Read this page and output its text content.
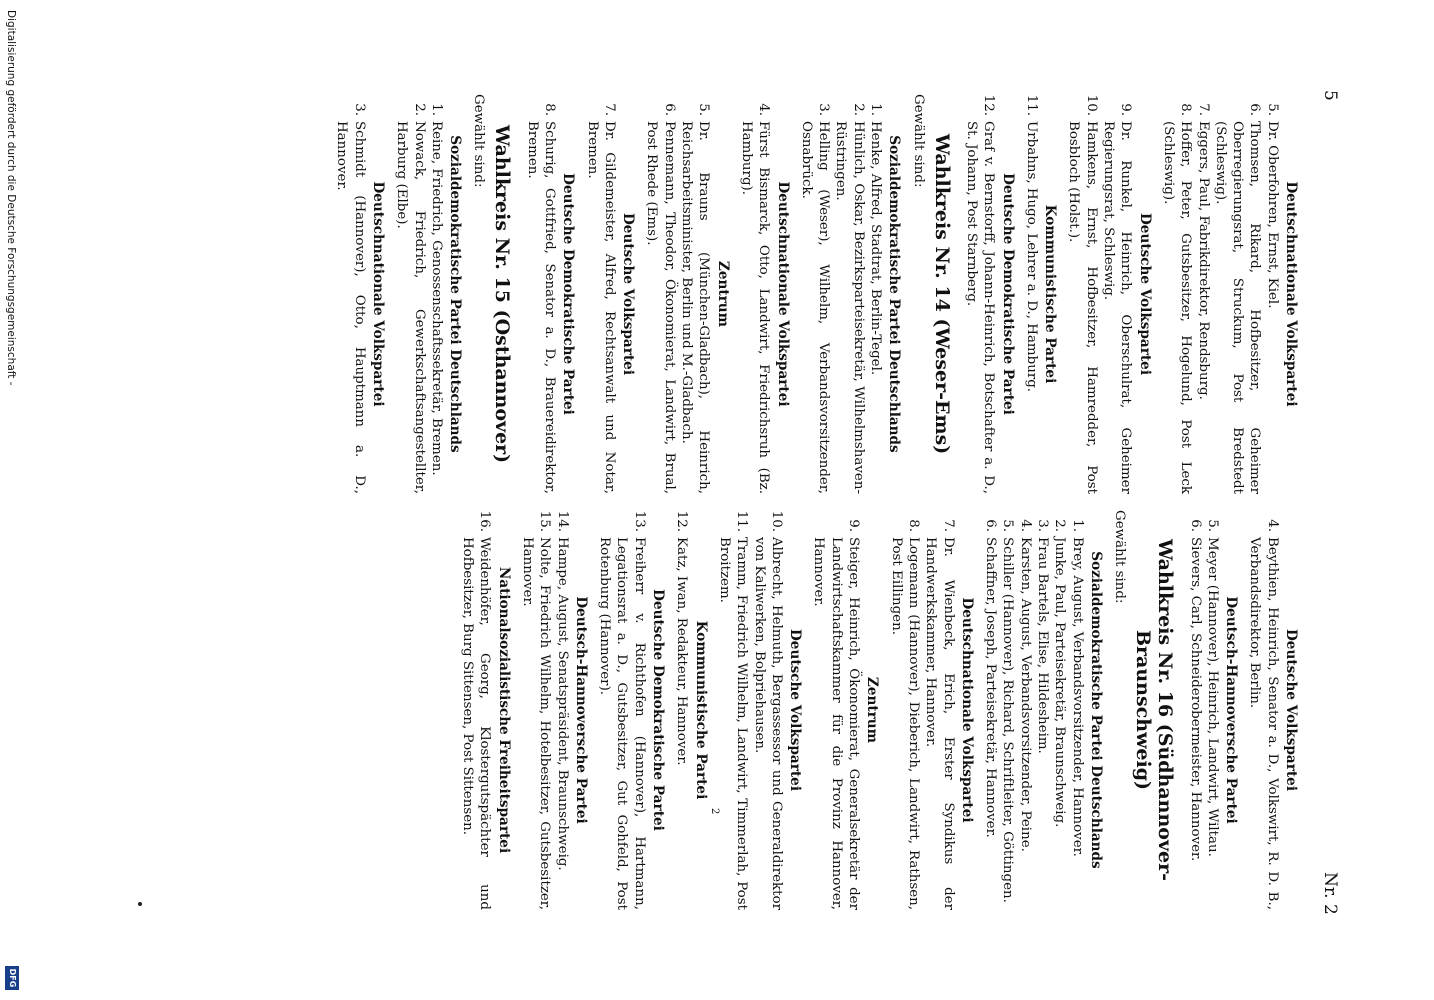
5
Nr. 2
Deutschnationale Volkspartei
5.
Dr. Oberfohren, Ernst, Kiel.
6.
Thomsen, Rikard, Hofbesitzer, Geheimer Oberregierungsrat, Struckum, Post Bredstedt (Schleswig).
7.
Eggers, Paul, Fabrikdirektor, Rendsburg.
8.
Hoffer, Peter, Gutsbesitzer, Hogelund, Post Leck (Schleswig).
Deutsche Volkspartei
9.
Dr. Runkel, Heinrich, Oberschulrat, Geheimer Regierungsrat, Schleswig.
10.
Hamkens, Ernst, Hofbesitzer, Hamredder, Post Bosbloch (Holst.).
Kommunistische Partei
11.
Urbahns, Hugo, Lehrer a. D., Hamburg.
Deutsche Demokratische Partei
12.
Graf v. Bernstorff, Johann-Heinrich, Botschafter a. D., St. Johann, Post Starnberg.
Wahlkreis Nr. 14 (Weser-Ems)
Gewählt sind:
Sozialdemokratische Partei Deutschlands
1.
Henke, Alfred, Stadtrat, Berlin-Tegel.
2.
Hünlich, Oskar, Bezirksparteisekretär, Wilhelmshaven-Rüstringen.
3.
Helling (Weser), Wilhelm, Verbandsvorsitzender, Osnabrück.
Deutschnationale Volkspartei
4.
Fürst Bismarck, Otto, Landwirt, Friedrichsruh (Bz. Hamburg).
Zentrum
5.
Dr. Brauns (München-Gladbach), Heinrich, Reichsarbeitsminister, Berlin und M.-Gladbach.
6.
Pennemann, Theodor, Ökonomierat, Landwirt, Brual, Post Rhede (Ems).
Deutsche Volkspartei
7.
Dr. Gildemeister, Alfred, Rechtsanwalt und Notar, Bremen.
Deutsche Demokratische Partei
8.
Schurig, Gottfried, Senator a. D., Brauereidirektor, Bremen.
Wahlkreis Nr. 15 (Osthannover)
Gewählt sind:
Sozialdemokratische Partei Deutschlands
1.
Reine, Friedrich, Genossenschaftssekretär, Bremen.
2.
Nowack, Friedrich, Gewerkschaftsangestellter, Harburg (Elbe).
Deutschnationale Volkspartei
3.
Schmidt (Hannover), Otto, Hauptmann a. D., Hannover.
Deutsche Volkspartei
4.
Beythien, Heinrich, Senator a. D., Volkswirt, R. D. B., Verbandsdirektor, Berlin.
Deutsch-Hannoversche Partei
5.
Meyer (Hannover), Heinrich, Landwirt, Wiltau.
6.
Sievers, Carl, Schneiderobermeister, Hannover.
Wahlkreis Nr. 16 (Südhannover-Braunschweig)
Gewählt sind:
Sozialdemokratische Partei Deutschlands
1.
Brey, August, Verbandsvorsitzender, Hannover.
2.
Junke, Paul, Parteisekretär, Braunschweig.
3.
Frau Bartels, Elise, Hildesheim.
4.
Karsten, August, Verbandsvorsitzender, Peine.
5.
Schiller (Hannover), Richard, Schriftleiter, Göttingen.
6.
Schaffner, Joseph, Parteisekretär, Hannover.
Deutschnationale Volkspartei
7.
Dr. Wienbeck, Erich, Erster Syndikus der Handwerkskammer, Hannover.
8.
Logemann (Hannover), Dieberich, Landwirt, Rathsen, Post Eillingen.
Zentrum
9.
Steiger, Heinrich, Ökonomierat, Generalsekretär der Landwirtschaftskammer für die Provinz Hannover, Hannover.
Deutsche Volkspartei
10.
Albrecht, Helmuth, Bergassessor und Generaldirektor von Kaliwerken, Bolpriehausen.
11.
Tramm, Friedrich Wilhelm, Landwirt, Timmerlah, Post Broitzem.
Kommunistische Partei
12.
Katz, Iwan, Redakteur, Hannover.
Deutsche Demokratische Partei
13.
Freiherr v. Richthofen (Hannover), Hartmann, Legationsrat a. D., Gutsbesitzer, Gut Gohfeld, Post Rotenburg (Hannover).
Deutsch-Hannoversche Partei
14.
Hampe, August, Senatspräsident, Braunschweig.
15.
Nolte, Friedrich Wilhelm, Hotelbesitzer, Gutsbesitzer, Hannover.
Nationalsozialistische Freiheitspartei
16.
Weidenhöfer, Georg, Klostergutspächter und Hofbesitzer, Burg Sittensen, Post Sittensen.	2
Digitalisierung gefördert durch die Deutsche Forschungsgemeinschaft -
DFG
